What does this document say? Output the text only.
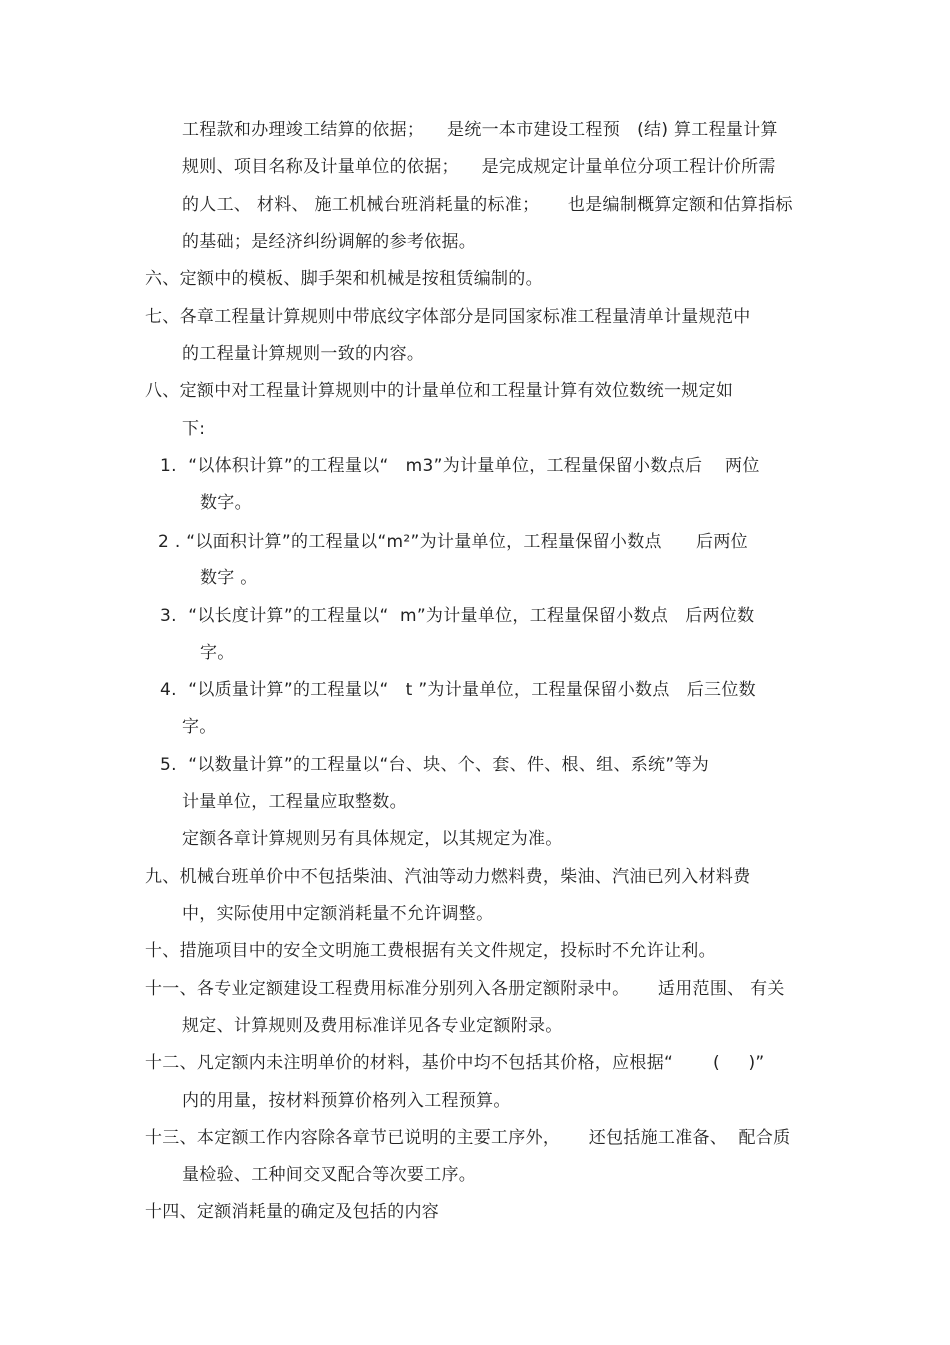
工程款和办理竣工结算的依据；    是统一本市建设工程预   (结) 算工程量计算
规则、项目名称及计量单位的依据；    是完成规定计量单位分项工程计价所需
的人工、 材料、 施工机械台班消耗量的标准；     也是编制概算定额和估算指标
的基础；是经济纠纷调解的参考依据。
六、定额中的模板、脚手架和机械是按租赁编制的。
七、各章工程量计算规则中带底纹字体部分是同国家标准工程量清单计量规范中
的工程量计算规则一致的内容。
八、定额中对工程量计算规则中的计量单位和工程量计算有效位数统一规定如
下:
1.  “以体积计算”的工程量以“   m3”为计量单位，工程量保留小数点后    两位
数字。
2 . “以面积计算”的工程量以“m²”为计量单位，工程量保留小数点      后两位
数字 。
3.  “以长度计算”的工程量以“  m”为计量单位，工程量保留小数点   后两位数
字。
4.  “以质量计算”的工程量以“   t ”为计量单位，工程量保留小数点   后三位数
字。
5.  “以数量计算”的工程量以“台、块、个、套、件、根、组、系统”等为
计量单位，工程量应取整数。
定额各章计算规则另有具体规定，以其规定为准。
九、机械台班单价中不包括柴油、汽油等动力燃料费，柴油、汽油已列入材料费
中，实际使用中定额消耗量不允许调整。
十、措施项目中的安全文明施工费根据有关文件规定，投标时不允许让利。
十一、各专业定额建设工程费用标准分别列入各册定额附录中。     适用范围、 有关
规定、计算规则及费用标准详见各专业定额附录。
十二、凡定额内未注明单价的材料，基价中均不包括其价格，应根据“       (     )”
内的用量，按材料预算价格列入工程预算。
十三、本定额工作内容除各章节已说明的主要工序外，     还包括施工准备、  配合质
量检验、工种间交叉配合等次要工序。
十四、定额消耗量的确定及包括的内容
